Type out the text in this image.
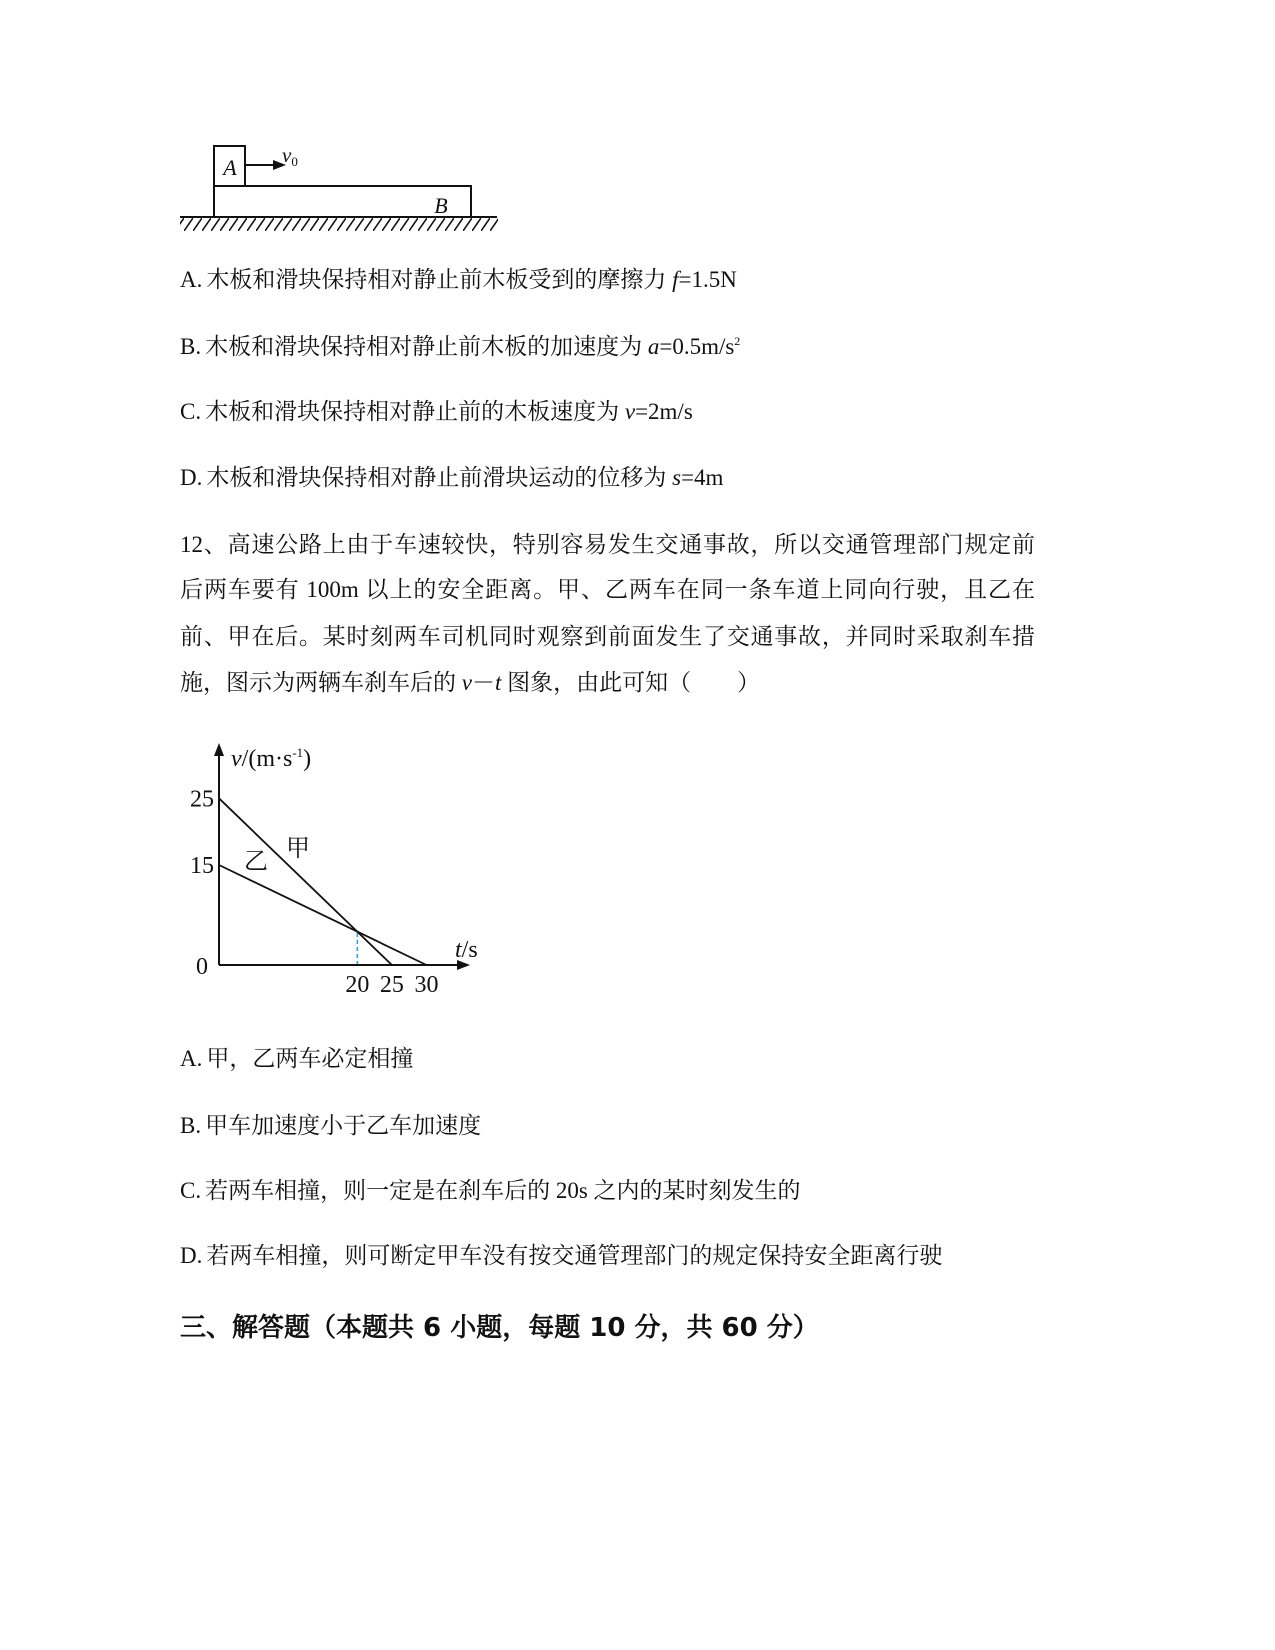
A
B
v0
A. 木板和滑块保持相对静止前木板受到的摩擦力 f=1.5N
B. 木板和滑块保持相对静止前木板的加速度为 $a=0.5m/s^2$
C. 木板和滑块保持相对静止前的木板速度为 v=2m/s
D. 木板和滑块保持相对静止前滑块运动的位移为 s=4m
12、高速公路上由于车速较快，特别容易发生交通事故，所以交通管理部门规定前
后两车要有 100m 以上的安全距离。甲、乙两车在同一条车道上同向行驶，且乙在
前、甲在后。某时刻两车司机同时观察到前面发生了交通事故，并同时采取刹车措
施，图示为两辆车刹车后的 v－t 图象，由此可知（　　）
$v/(m\cdot s^{-1})$
t/s
0
25
15
20 25 30
甲
乙
A. 甲，乙两车必定相撞
B. 甲车加速度小于乙车加速度
C. 若两车相撞，则一定是在刹车后的 20s 之内的某时刻发生的
D. 若两车相撞，则可断定甲车没有按交通管理部门的规定保持安全距离行驶
三、解答题（本题共 6 小题，每题 10 分，共 60 分）
